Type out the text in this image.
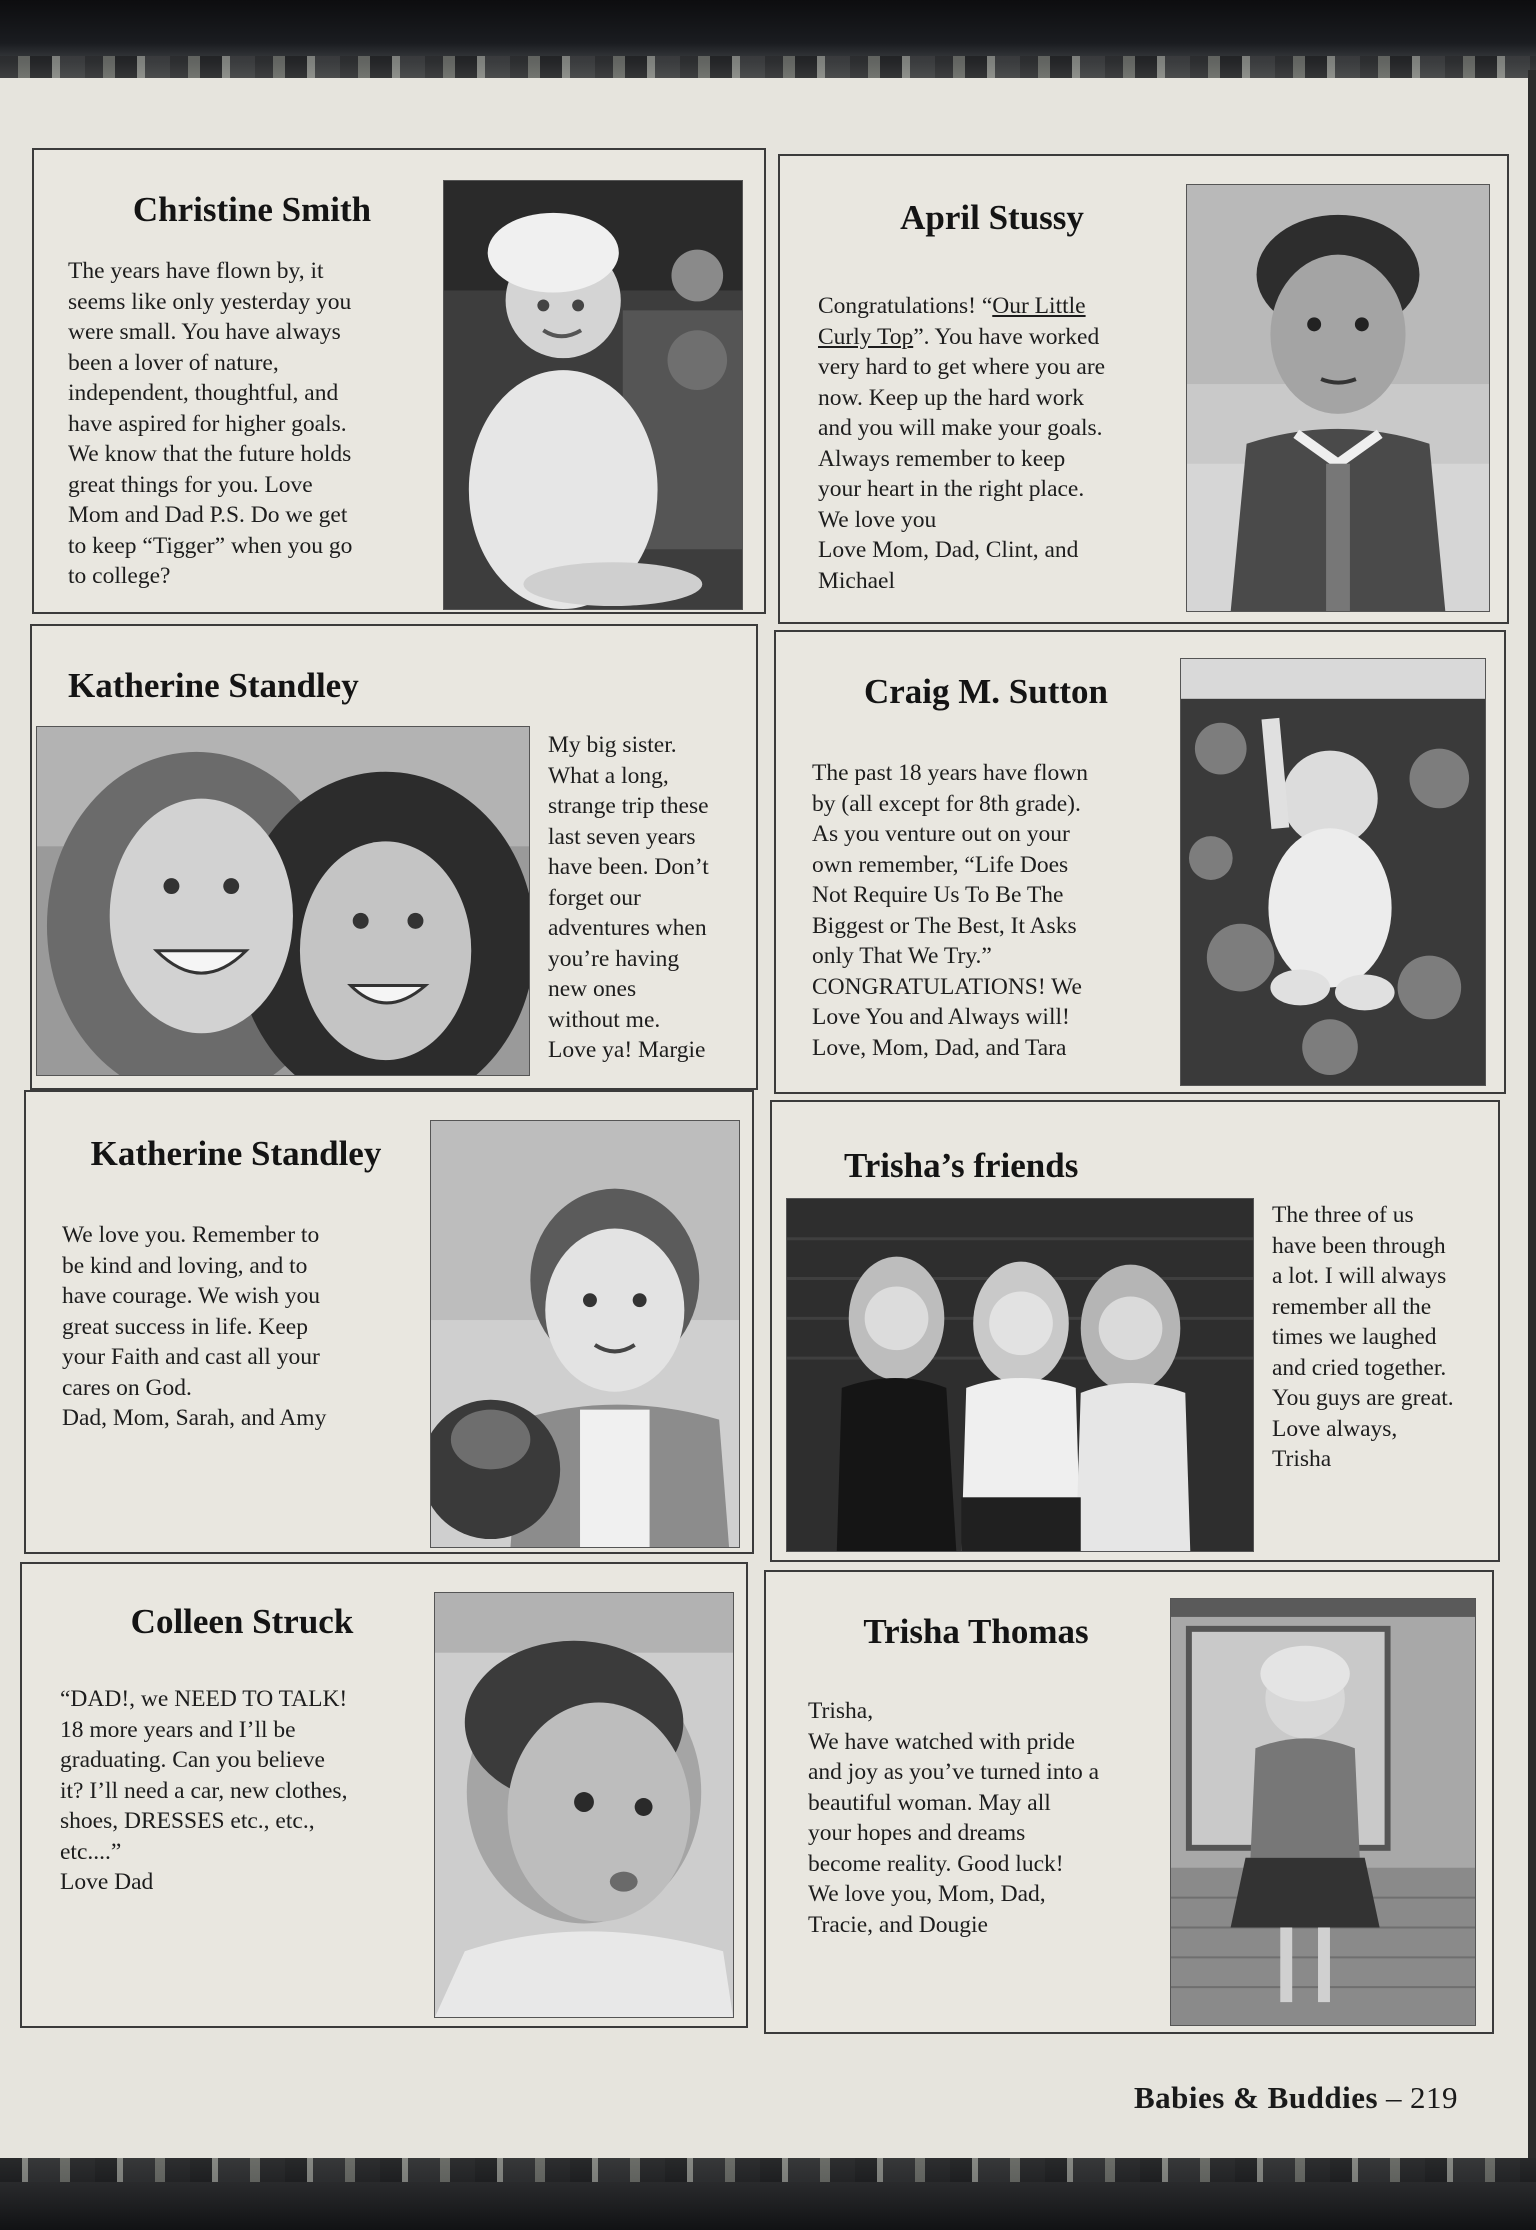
Christine Smith
The years have flown by, it
seems like only yesterday you
were small. You have always
been a lover of nature,
independent, thoughtful, and
have aspired for higher goals.
We know that the future holds
great things for you. Love
Mom and Dad P.S. Do we get
to keep “Tigger” when you go
to college?
April Stussy
Congratulations! “Our Little
Curly Top”. You have worked
very hard to get where you are
now. Keep up the hard work
and you will make your goals.
Always remember to keep
your heart in the right place.
We love you
Love Mom, Dad, Clint, and
Michael
Katherine Standley
My big sister.
What a long,
strange trip these
last seven years
have been. Don’t
forget our
adventures when
you’re having
new ones
without me.
Love ya! Margie
Craig M. Sutton
The past 18 years have flown
by (all except for 8th grade).
As you venture out on your
own remember, “Life Does
Not Require Us To Be The
Biggest or The Best, It Asks
only That We Try.”
CONGRATULATIONS! We
Love You and Always will!
Love, Mom, Dad, and Tara
Katherine Standley
We love you. Remember to
be kind and loving, and to
have courage. We wish you
great success in life. Keep
your Faith and cast all your
cares on God.
Dad, Mom, Sarah, and Amy
Trisha’s friends
The three of us
have been through
a lot. I will always
remember all the
times we laughed
and cried together.
You guys are great.
Love always,
Trisha
Colleen Struck
“DAD!, we NEED TO TALK!
18 more years and I’ll be
graduating. Can you believe
it? I’ll need a car, new clothes,
shoes, DRESSES etc., etc.,
etc....”
Love Dad
Trisha Thomas
Trisha,
We have watched with pride
and joy as you’ve turned into a
beautiful woman. May all
your hopes and dreams
become reality. Good luck!
We love you, Mom, Dad,
Tracie, and Dougie
Babies & Buddies – 219
